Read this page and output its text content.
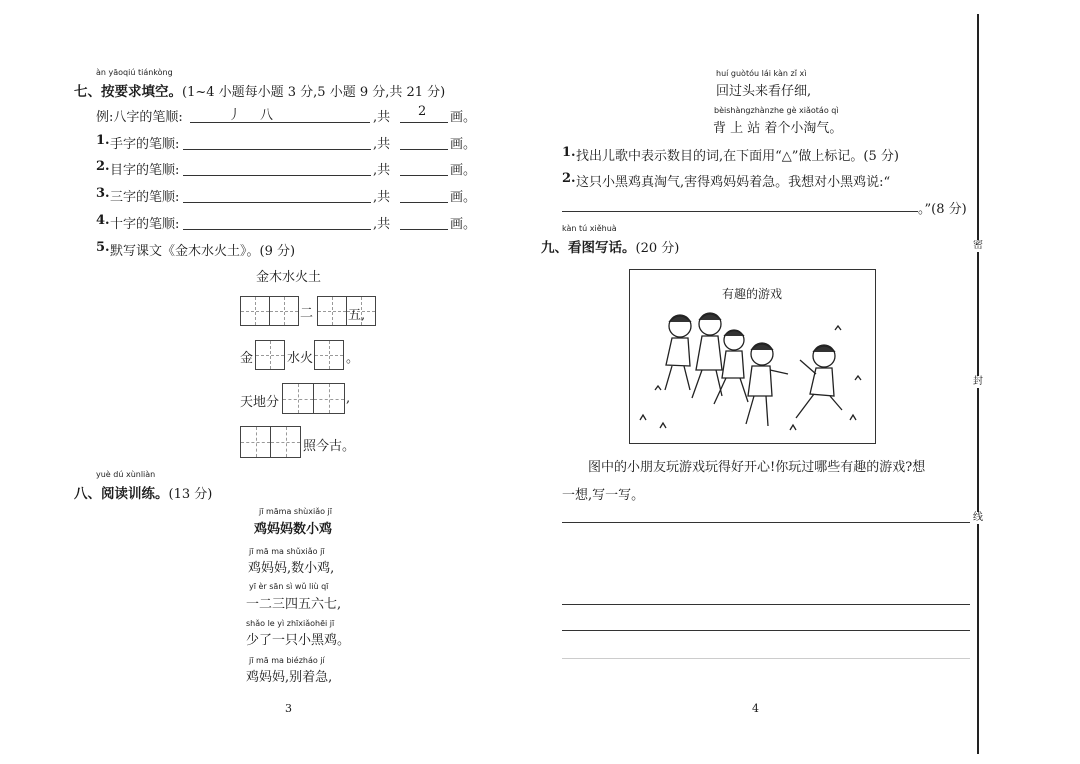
àn yāoqiú tiánkòng
七、按要求填空。(1~4 小题每小题 3 分,5 小题 9 分,共 21 分)
例:八字的笔顺:	丿 八	,共 2 画。
1. 手字的笔顺:	,共	画。
2. 目字的笔顺:	,共	画。
3. 三字的笔顺:	,共	画。
4. 十字的笔顺:	,共	画。
5. 默写课文《金木水火土》。(9 分)
金木水火土
二	五,
金	水火	。
天地分	,
照今古。
yuè dú xùnliàn
八、阅读训练。(13 分)
jī māma shùxiǎo jī
鸡妈妈数小鸡
jī mā ma shǔxiǎo jī
鸡妈妈,数小鸡,
yī èr sān sì wǔ liù qī
一二三四五六七,
shǎo le yì zhīxiǎohēi jī
少了一只小黑鸡。
jī mā ma biézháo jí
鸡妈妈,别着急,
3
huí guòtóu lái kàn zǐ xì
回过头来看仔细,
bèishàngzhànzhe gè xiǎotáo qì
背 上 站 着个小淘气。
1. 找出儿歌中表示数目的词,在下面用“△”做上标记。(5 分)
2. 这只小黑鸡真淘气,害得鸡妈妈着急。我想对小黑鸡说:“
。”(8 分)
kàn tú xiěhuà
九、看图写话。(20 分)
有趣的游戏
图中的小朋友玩游戏玩得好开心!你玩过哪些有趣的游戏?想
一想,写一写。
4
密
封
线
